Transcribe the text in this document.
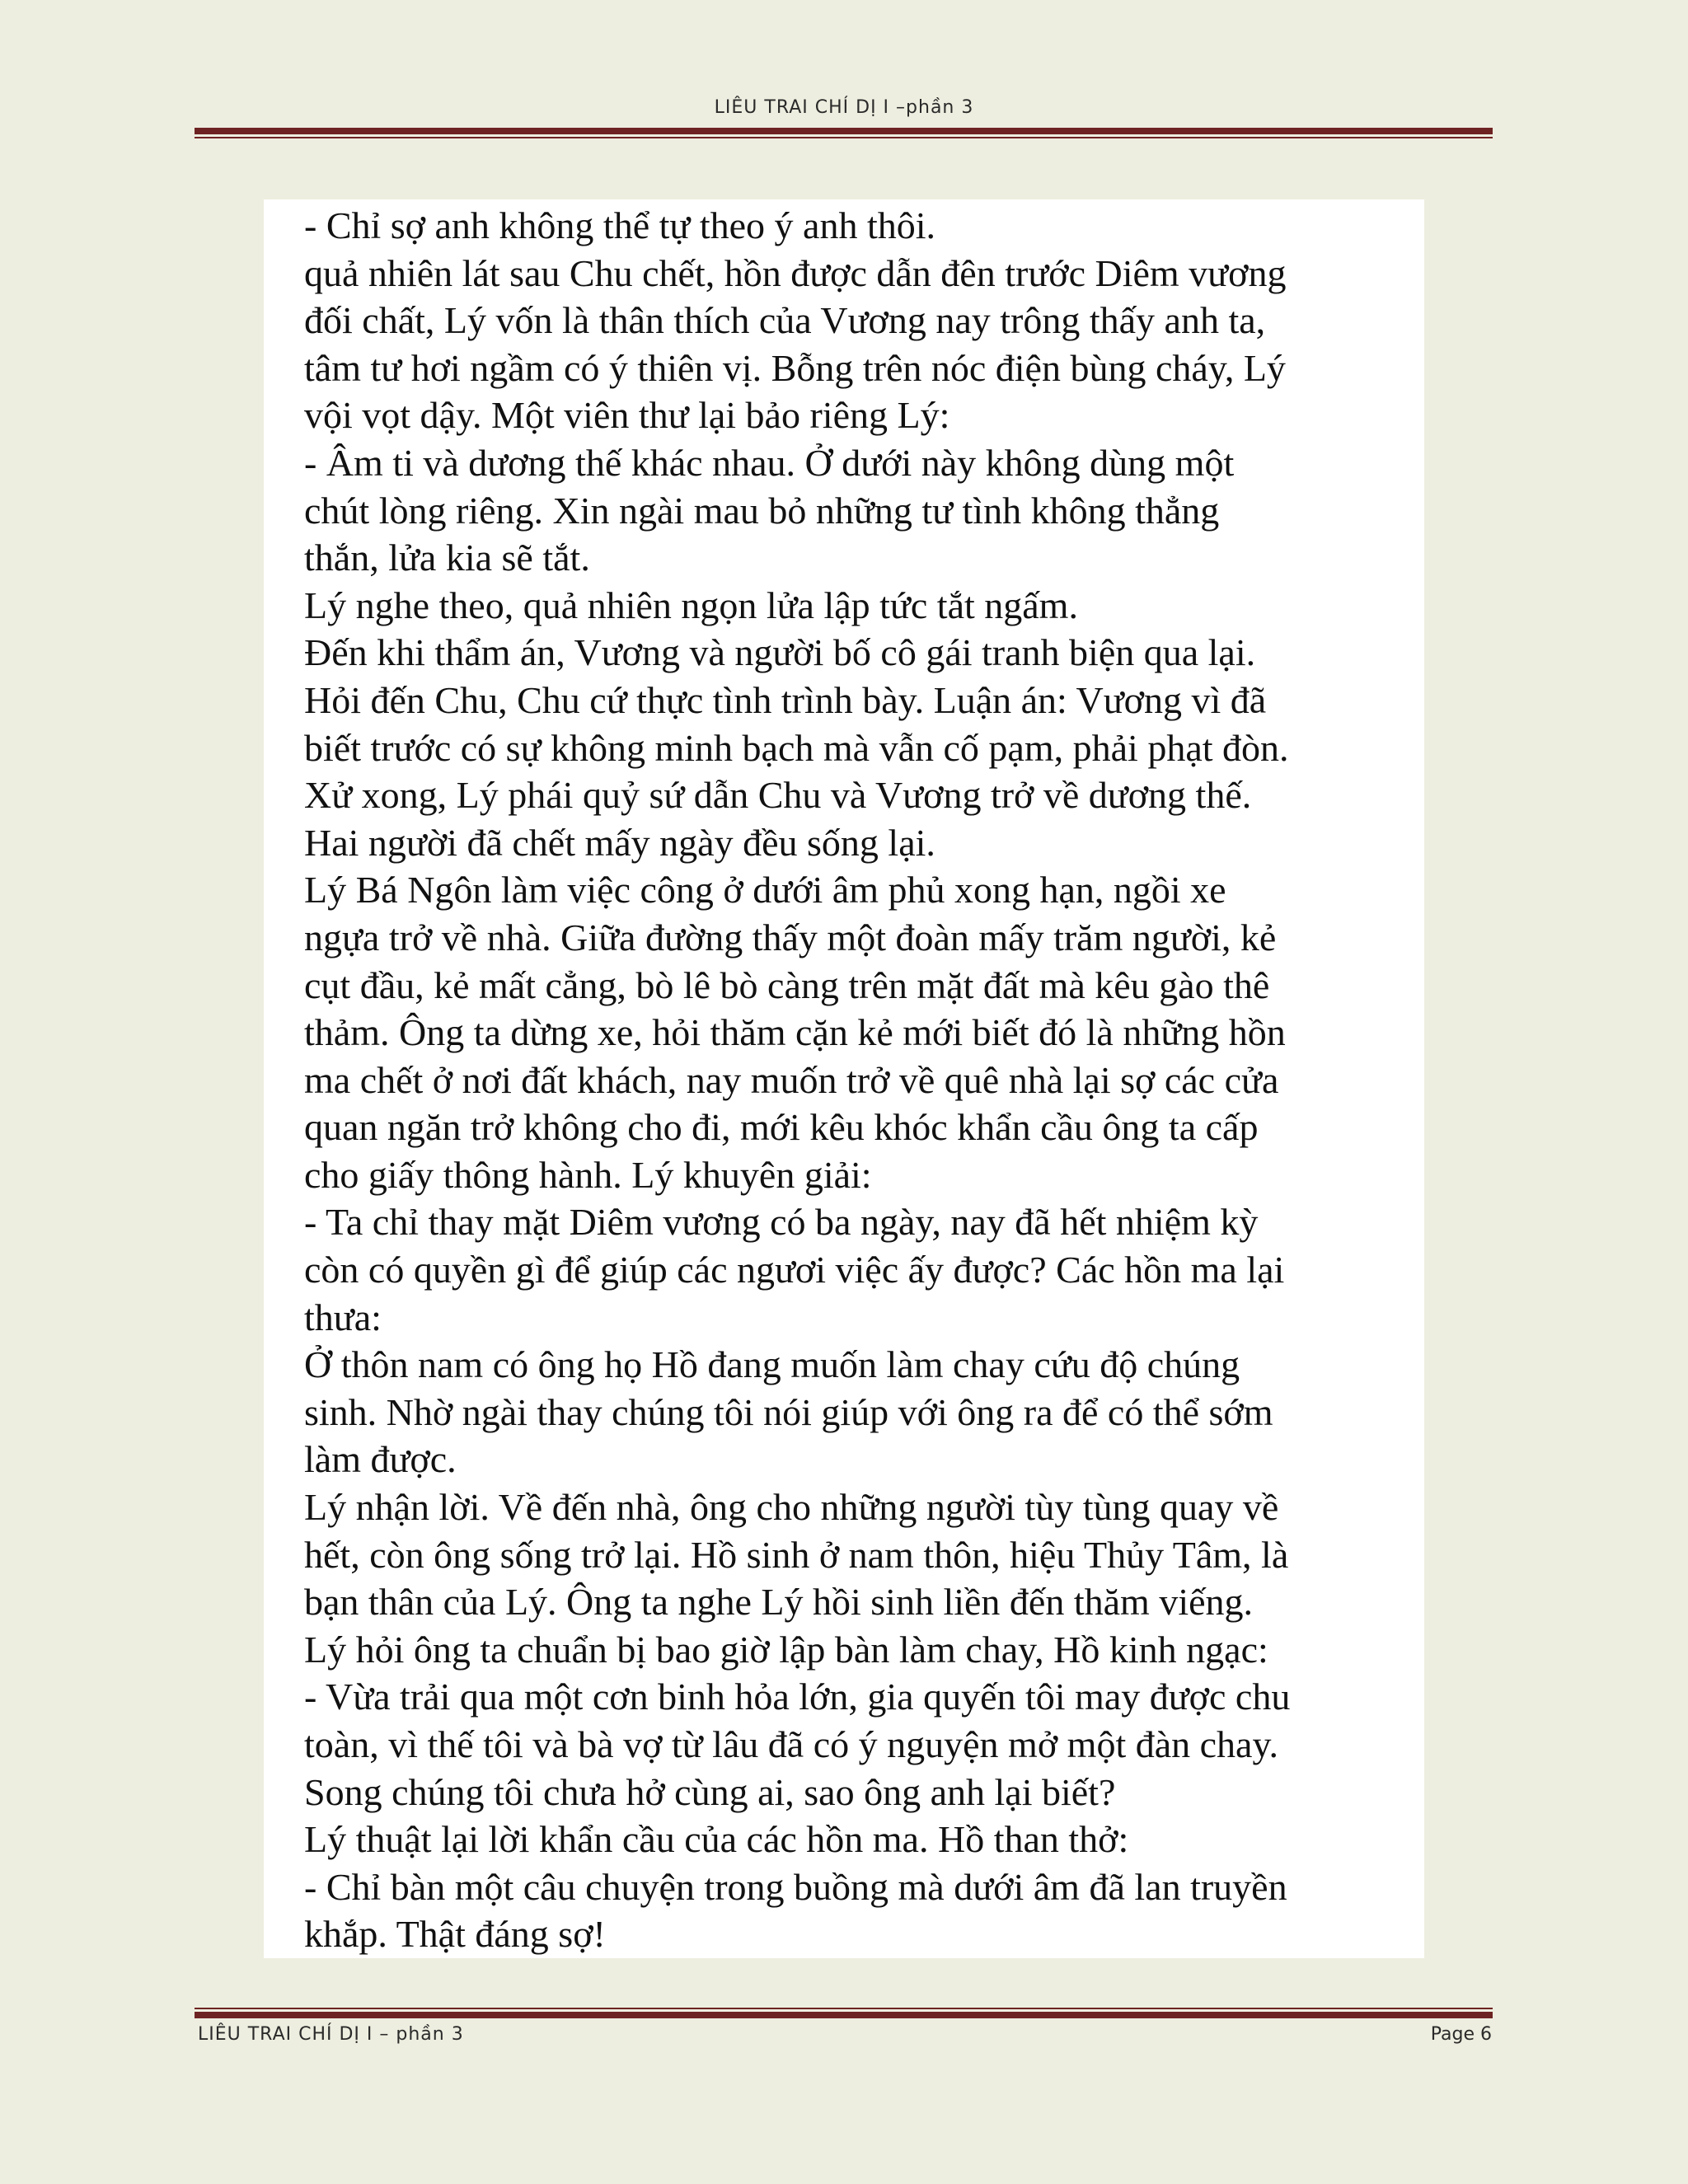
LIÊU TRAI CHÍ DỊ I –phần 3
- Chỉ sợ anh không thể tự theo ý anh thôi.
quả nhiên lát sau Chu chết, hồn được dẫn đên trước Diêm vương
đối chất, Lý vốn là thân thích của Vương nay trông thấy anh ta,
tâm tư hơi ngầm có ý thiên vị. Bỗng trên nóc điện bùng cháy, Lý
vội vọt dậy. Một viên thư lại bảo riêng Lý:
- Âm ti và dương thế khác nhau. Ở dưới này không dùng một
chút lòng riêng. Xin ngài mau bỏ những tư tình không thẳng
thắn, lửa kia sẽ tắt.
Lý nghe theo, quả nhiên ngọn lửa lập tức tắt ngấm.
Đến khi thẩm án, Vương và người bố cô gái tranh biện qua lại.
Hỏi đến Chu, Chu cứ thực tình trình bày. Luận án: Vương vì đã
biết trước có sự không minh bạch mà vẫn cố pạm, phải phạt đòn.
Xử xong, Lý phái quỷ sứ dẫn Chu và Vương trở về dương thế.
Hai người đã chết mấy ngày đều sống lại.
Lý Bá Ngôn làm việc công ở dưới âm phủ xong hạn, ngồi xe
ngựa trở về nhà. Giữa đường thấy một đoàn mấy trăm người, kẻ
cụt đầu, kẻ mất cẳng, bò lê bò càng trên mặt đất mà kêu gào thê
thảm. Ông ta dừng xe, hỏi thăm cặn kẻ mới biết đó là những hồn
ma chết ở nơi đất khách, nay muốn trở về quê nhà lại sợ các cửa
quan ngăn trở không cho đi, mới kêu khóc khẩn cầu ông ta cấp
cho giấy thông hành. Lý khuyên giải:
- Ta chỉ thay mặt Diêm vương có ba ngày, nay đã hết nhiệm kỳ
còn có quyền gì để giúp các ngươi việc ấy được? Các hồn ma lại
thưa:
Ở thôn nam có ông họ Hồ đang muốn làm chay cứu độ chúng
sinh. Nhờ ngài thay chúng tôi nói giúp với ông ra để có thể sớm
làm được.
Lý nhận lời. Về đến nhà, ông cho những người tùy tùng quay về
hết, còn ông sống trở lại. Hồ sinh ở nam thôn, hiệu Thủy Tâm, là
bạn thân của Lý. Ông ta nghe Lý hồi sinh liền đến thăm viếng.
Lý hỏi ông ta chuẩn bị bao giờ lập bàn làm chay, Hồ kinh ngạc:
- Vừa trải qua một cơn binh hỏa lớn, gia quyến tôi may được chu
toàn, vì thế tôi và bà vợ từ lâu đã có ý nguyện mở một đàn chay.
Song chúng tôi chưa hở cùng ai, sao ông anh lại biết?
Lý thuật lại lời khẩn cầu của các hồn ma. Hồ than thở:
- Chỉ bàn một câu chuyện trong buồng mà dưới âm đã lan truyền
khắp. Thật đáng sợ!
LIÊU TRAI CHÍ DỊ I – phần 3	Page 6
